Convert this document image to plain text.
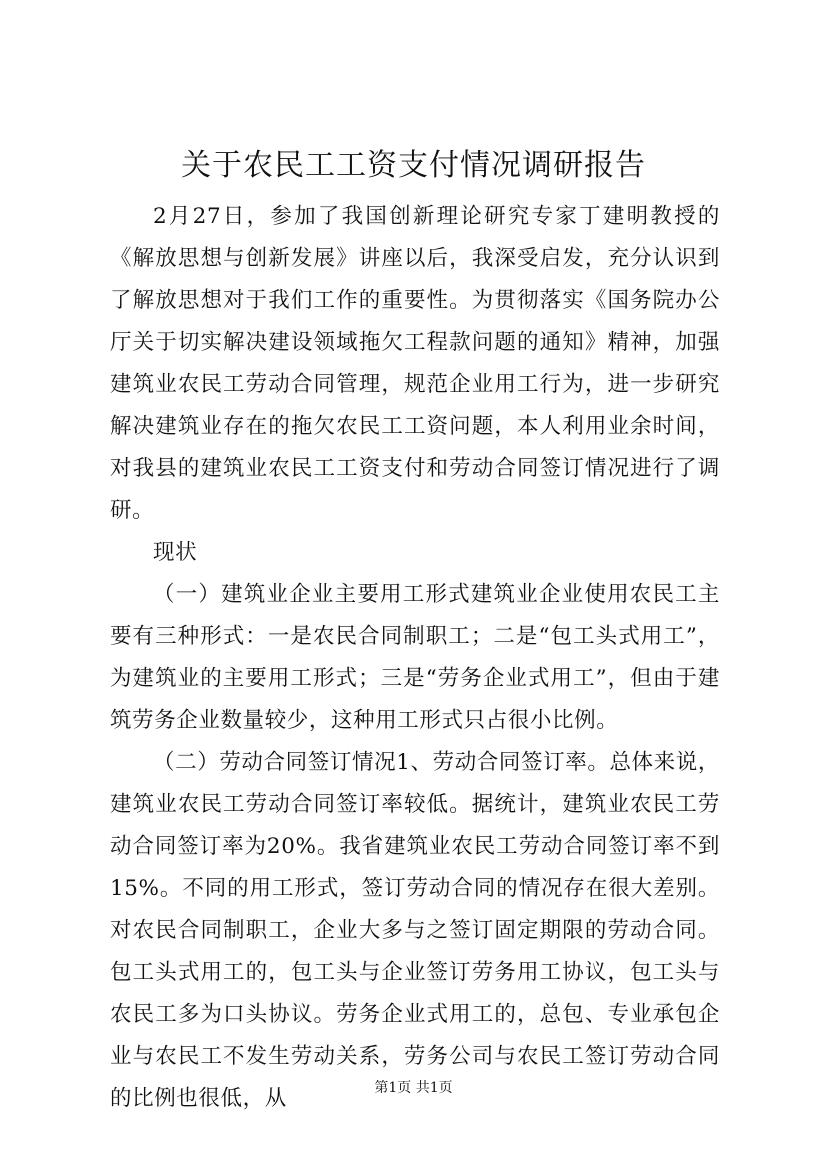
关于农民工工资支付情况调研报告

2月27日，参加了我国创新理论研究专家丁建明教授的《解放思想与创新发展》讲座以后，我深受启发，充分认识到了解放思想对于我们工作的重要性。为贯彻落实《国务院办公厅关于切实解决建设领域拖欠工程款问题的通知》精神，加强建筑业农民工劳动合同管理，规范企业用工行为，进一步研究解决建筑业存在的拖欠农民工工资问题，本人利用业余时间，对我县的建筑业农民工工资支付和劳动合同签订情况进行了调研。

现状

（一）建筑业企业主要用工形式建筑业企业使用农民工主要有三种形式：一是农民合同制职工；二是“包工头式用工”，为建筑业的主要用工形式；三是“劳务企业式用工”，但由于建筑劳务企业数量较少，这种用工形式只占很小比例。

（二）劳动合同签订情况1、劳动合同签订率。总体来说，建筑业农民工劳动合同签订率较低。据统计，建筑业农民工劳动合同签订率为20%。我省建筑业农民工劳动合同签订率不到15%。不同的用工形式，签订劳动合同的情况存在很大差别。对农民合同制职工，企业大多与之签订固定期限的劳动合同。包工头式用工的，包工头与企业签订劳务用工协议，包工头与农民工多为口头协议。劳务企业式用工的，总包、专业承包企业与农民工不发生劳动关系，劳务公司与农民工签订劳动合同的比例也很低，从	第1页 共1页
